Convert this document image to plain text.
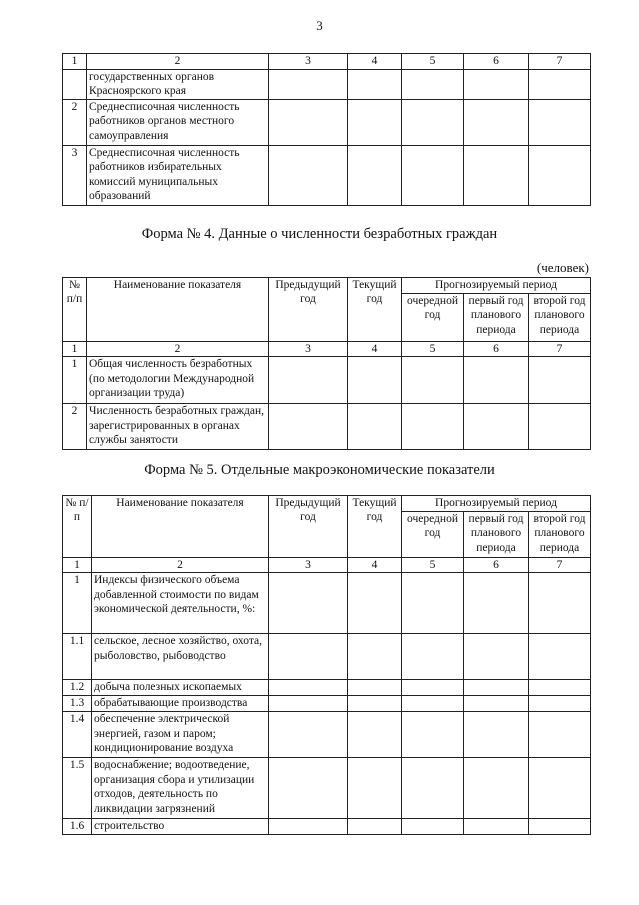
3
1	2	3	4	5	6	7
	государственных органов Красноярского края					
2	Среднесписочная численность работников органов местного самоуправления					
3	Среднесписочная численность работников избирательных комиссий муниципальных образований					
Форма № 4. Данные о численности безработных граждан
(человек)
№ п/п	Наименование показателя	Предыдущий год	Текущий год	Прогнозируемый период		
				очередной год	первый год планового периода	второй год планового периода
1	2	3	4	5	6	7
1	Общая численность безработных (по методологии Международной организации труда)					
2	Численность безработных граждан, зарегистрированных в органах службы занятости					
Форма № 5. Отдельные макроэкономические показатели
№ п/п	Наименование показателя	Предыдущий год	Текущий год	Прогнозируемый период		
				очередной год	первый год планового периода	второй год планового периода
1	2	3	4	5	6	7
1	Индексы физического объема добавленной стоимости по видам экономической деятельности, %:					
1.1	сельское, лесное хозяйство, охота, рыболовство, рыбоводство					
1.2	добыча полезных ископаемых					
1.3	обрабатывающие производства					
1.4	обеспечение электрической энергией, газом и паром; кондиционирование воздуха					
1.5	водоснабжение; водоотведение, организация сбора и утилизации отходов, деятельность по ликвидации загрязнений					
1.6	строительство					
